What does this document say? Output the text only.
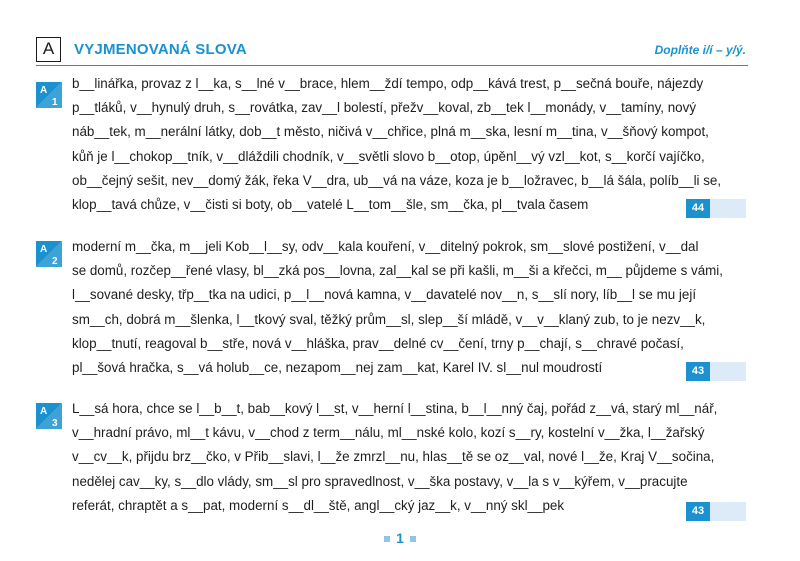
A	VYJMENOVANÁ SLOVA	Doplňte i/í – y/ý.
A
1
b__linářka, provaz z l__ka, s__lné v__brace, hlem__ždí tempo, odp__kává trest, p__sečná bouře, nájezdy
p__tláků, v__hynulý druh, s__rovátka, zav__l bolestí, přežv__koval, zb__tek l__monády, v__tamíny, nový
náb__tek, m__nerální látky, dob__t město, ničivá v__chřice, plná m__ska, lesní m__tina, v__šňový kompot,
kůň je l__chokop__tník, v__dláždili chodník, v__světli slovo b__otop, úpěnl__vý vzl__kot, s__korčí vajíčko,
ob__čejný sešit, nev__domý žák, řeka V__dra, ub__vá na váze, koza je b__ložravec, b__lá šála, políb__li se,
klop__tavá chůze, v__čisti si boty, ob__vatelé L__tom__šle, sm__čka, pl__tvala časem	44
A
2
moderní m__čka, m__jeli Kob__l__sy, odv__kala kouření, v__ditelný pokrok, sm__slové postižení, v__dal
se domů, rozčep__řené vlasy, bl__zká pos__lovna, zal__kal se při kašli, m__ši a křečci, m__ půjdeme s vámi,
l__sované desky, třp__tka na udici, p__l__nová kamna, v__davatelé nov__n, s__slí nory, líb__l se mu její
sm__ch, dobrá m__šlenka, l__tkový sval, těžký prům__sl, slep__ší mládě, v__v__klaný zub, to je nezv__k,
klop__tnutí, reagoval b__stře, nová v__hláška, prav__delné cv__čení, trny p__chají, s__chravé počasí,
pl__šová hračka, s__vá holub__ce, nezapom__nej zam__kat, Karel IV. sl__nul moudrostí	43
A
3
L__sá hora, chce se l__b__t, bab__kový l__st, v__herní l__stina, b__l__nný čaj, pořád z__vá, starý ml__nář,
v__hradní právo, ml__t kávu, v__chod z term__nálu, ml__nské kolo, kozí s__ry, kostelní v__žka, l__žařský
v__cv__k, přijdu brz__čko, v Přib__slavi, l__že zmrzl__nu, hlas__tě se oz__val, nové l__že, Kraj V__sočina,
nedělej cav__ky, s__dlo vlády, sm__sl pro spravedlnost, v__ška postavy, v__la s v__kýřem, v__pracujte
referát, chraptět a s__pat, moderní s__dl__ště, angl__cký jaz__k, v__nný skl__pek	43
1
